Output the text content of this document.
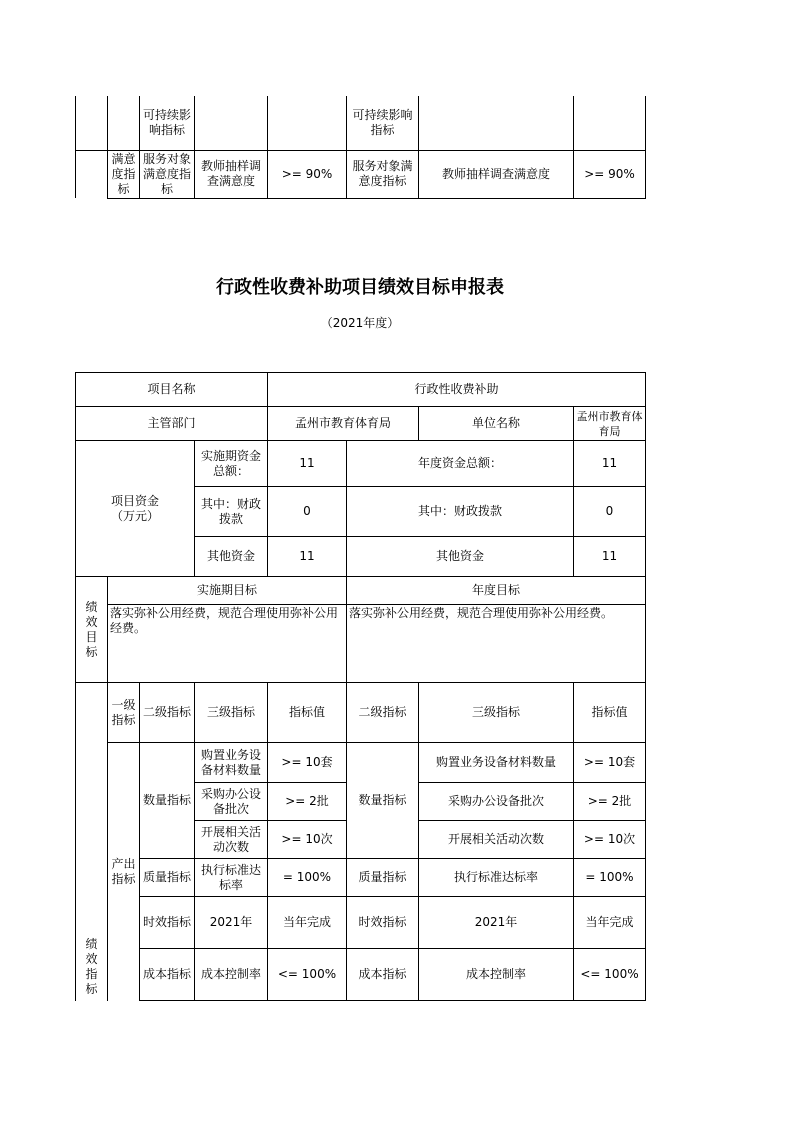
		可持续影响指标			可持续影响指标		
	满意度指标	服务对象满意度指标	教师抽样调查满意度	>= 90%	服务对象满意度指标	教师抽样调查满意度	>= 90%
行政性收费补助项目绩效目标申报表
（2021年度）
项目名称				行政性收费补助			
主管部门				孟州市教育体育局		单位名称	孟州市教育体育局
项目资金（万元）			实施期资金总额：	11	年度资金总额：		11
			其中：财政拨款	0	其中：财政拨款		0
			其他资金	11	其他资金		11
绩效目标	实施期目标				年度目标		
	落实弥补公用经费，规范合理使用弥补公用经费。				落实弥补公用经费，规范合理使用弥补公用经费。		
绩效指标	一级指标	二级指标	三级指标	指标值	二级指标	三级指标	指标值
	产出指标	数量指标	购置业务设备材料数量	>= 10套	数量指标	购置业务设备材料数量	>= 10套
			采购办公设备批次	>= 2批		采购办公设备批次	>= 2批
			开展相关活动次数	>= 10次		开展相关活动次数	>= 10次
		质量指标	执行标准达标率	= 100%	质量指标	执行标准达标率	= 100%
		时效指标	2021年	当年完成	时效指标	2021年	当年完成
		成本指标	成本控制率	<= 100%	成本指标	成本控制率	<= 100%
